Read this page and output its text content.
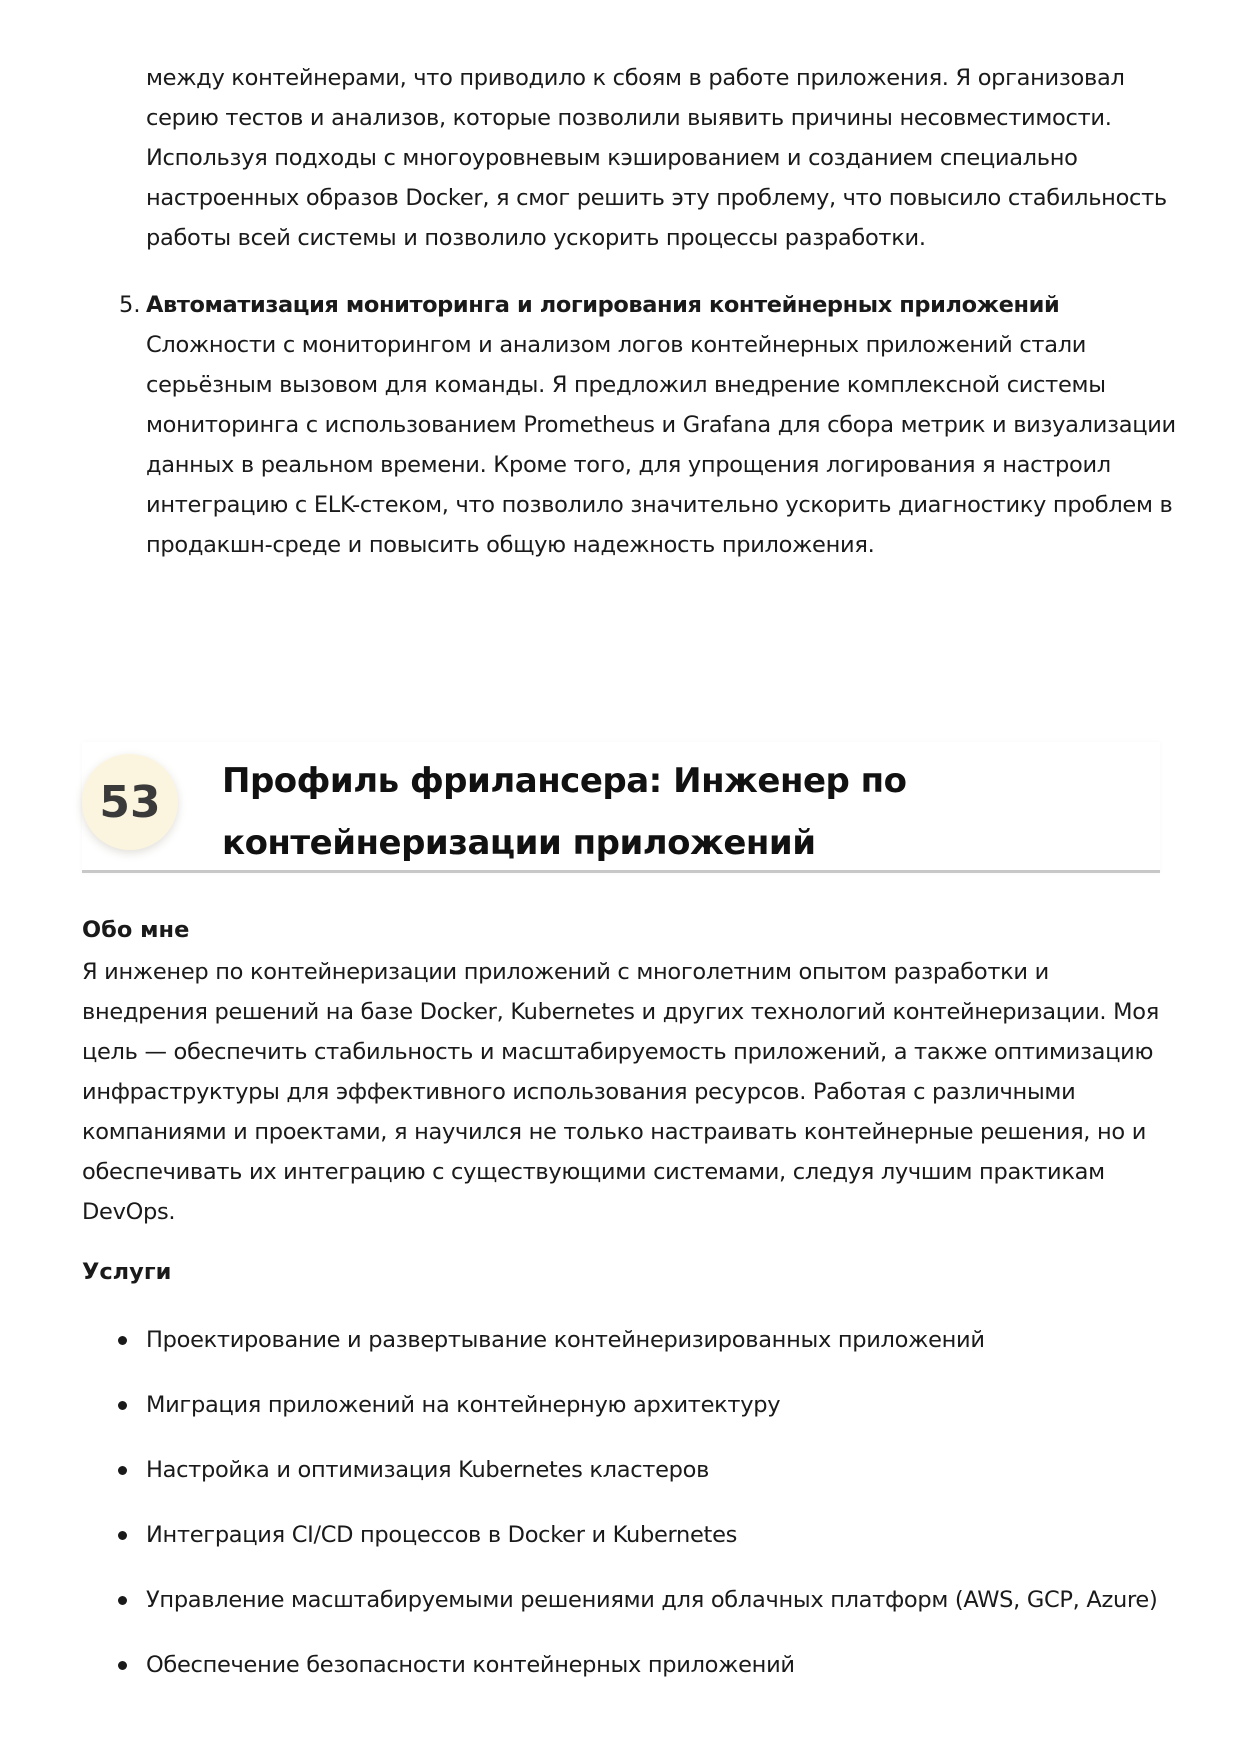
между контейнерами, что приводило к сбоям в работе приложения. Я организовал серию тестов и анализов, которые позволили выявить причины несовместимости. Используя подходы с многоуровневым кэшированием и созданием специально настроенных образов Docker, я смог решить эту проблему, что повысило стабильность работы всей системы и позволило ускорить процессы разработки.

5. Автоматизация мониторинга и логирования контейнерных приложений

Сложности с мониторингом и анализом логов контейнерных приложений стали серьёзным вызовом для команды. Я предложил внедрение комплексной системы мониторинга с использованием Prometheus и Grafana для сбора метрик и визуализации данных в реальном времени. Кроме того, для упрощения логирования я настроил интеграцию с ELK-стеком, что позволило значительно ускорить диагностику проблем в продакшн-среде и повысить общую надежность приложения.

53	Профиль фрилансера: Инженер по
контейнеризации приложений
Обо мне

Я инженер по контейнеризации приложений с многолетним опытом разработки и внедрения решений на базе Docker, Kubernetes и других технологий контейнеризации. Моя цель — обеспечить стабильность и масштабируемость приложений, а также оптимизацию инфраструктуры для эффективного использования ресурсов. Работая с различными компаниями и проектами, я научился не только настраивать контейнерные решения, но и обеспечивать их интеграцию с существующими системами, следуя лучшим практикам DevOps.

Услуги
Проектирование и развертывание контейнеризированных приложений
Миграция приложений на контейнерную архитектуру
Настройка и оптимизация Kubernetes кластеров
Интеграция CI/CD процессов в Docker и Kubernetes
Управление масштабируемыми решениями для облачных платформ (AWS, GCP, Azure)
Обеспечение безопасности контейнерных приложений
